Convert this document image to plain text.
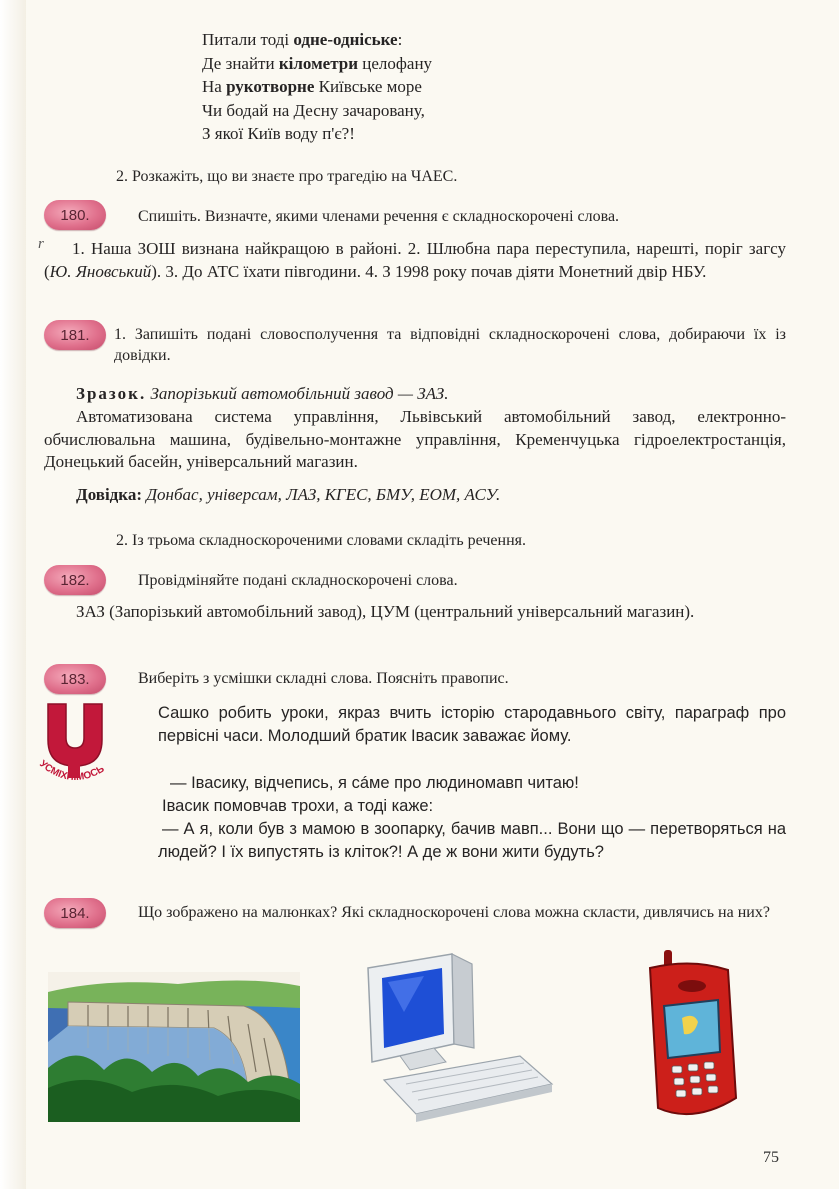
Питали тоді одне-одніське:
Де знайти кілометри целофану
На рукотворне Київське море
Чи бодай на Десну зачаровану,
З якої Київ воду п'є?!
2. Розкажіть, що ви знаєте про трагедію на ЧАЕС.
180.	Спишіть. Визначте, якими членами речення є складноскорочені слова.
r	1. Наша ЗОШ визнана найкращою в районі. 2. Шлюбна пара переступила, нарешті, поріг загсу (Ю. Яновський). 3. До АТС їхати півгодини. 4. З 1998 року почав діяти Монетний двір НБУ.
181.	1. Запишіть подані словосполучення та відповідні складноскорочені слова, добираючи їх із довідки.
Зразок. Запорізький автомобільний завод — ЗАЗ.
Автоматизована система управління, Львівський автомобільний завод, електронно-обчислювальна машина, будівельно-монтажне управління, Кременчуцька гідроелектростанція, Донецький басейн, універсальний магазин.
Довідка: Донбас, універсам, ЛАЗ, КГЕС, БМУ, ЕОМ, АСУ.
2. Із трьома складноскороченими словами складіть речення.
182.	Провідміняйте подані складноскорочені слова.
ЗАЗ (Запорізький автомобільний завод), ЦУМ (центральний універсальний магазин).
183.	Виберіть з усмішки складні слова. Поясніть правопис.
УСМІХНІМОСЬ
Сашко робить уроки, якраз вчить історію стародавнього світу, параграф про первісні часи. Молодший братик Івасик заважає йому.
— Івасику, відчепись, я сáме про людиномавп читаю!
Івасик помовчав трохи, а тоді каже:
— А я, коли був з мамою в зоопарку, бачив мавп... Вони що — перетворяться на людей? І їх випустять із кліток?! А де ж вони жити будуть?
184.	Що зображено на малюнках? Які складноскорочені слова можна скласти, дивлячись на них?
75
